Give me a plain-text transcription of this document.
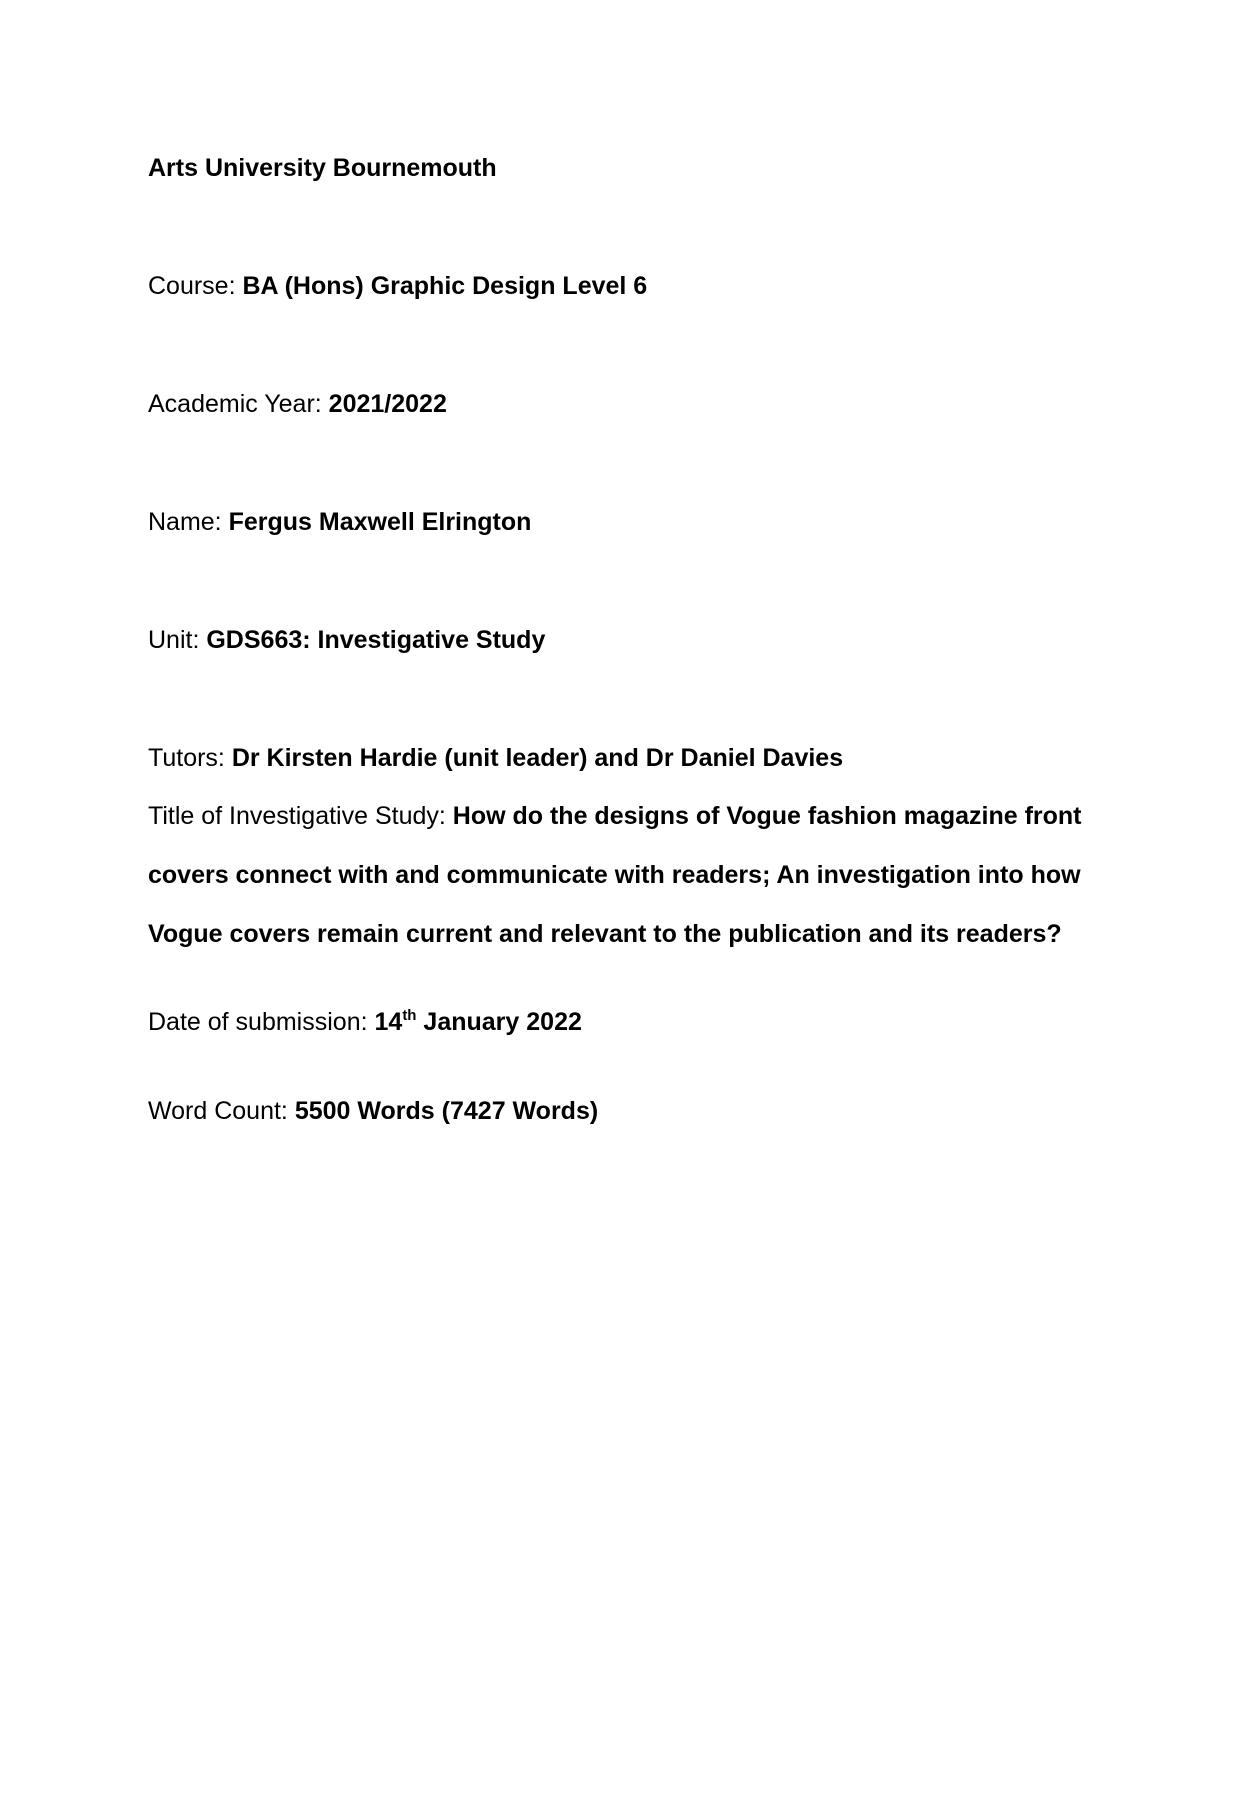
Arts University Bournemouth
Course: BA (Hons) Graphic Design Level 6
Academic Year: 2021/2022
Name: Fergus Maxwell Elrington
Unit: GDS663: Investigative Study
Tutors: Dr Kirsten Hardie (unit leader) and Dr Daniel Davies
Title of Investigative Study: How do the designs of Vogue fashion magazine front covers connect with and communicate with readers; An investigation into how Vogue covers remain current and relevant to the publication and its readers?
Date of submission: 14th January 2022
Word Count: 5500 Words (7427 Words)
